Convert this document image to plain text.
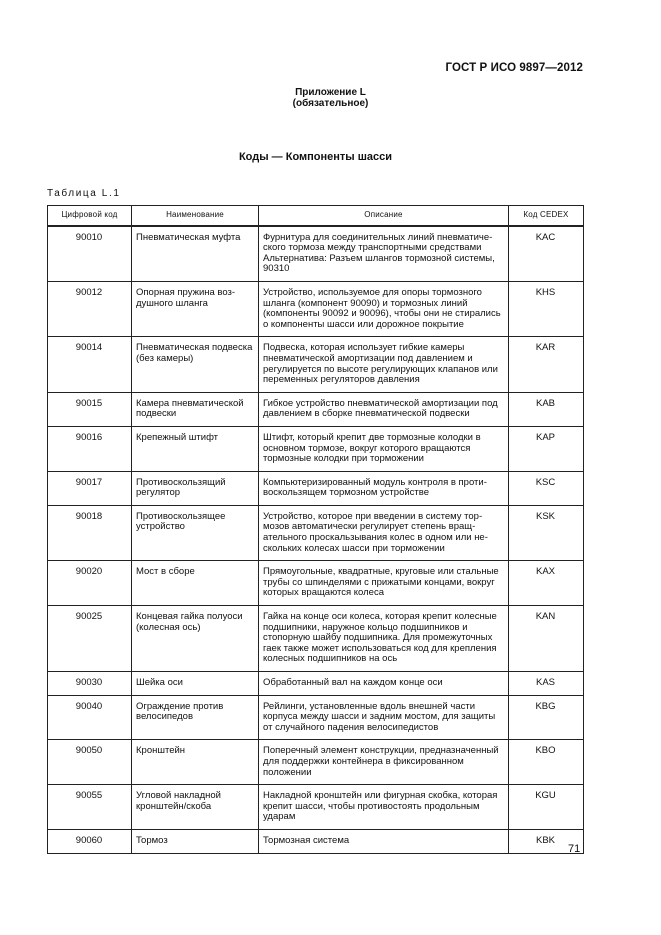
ГОСТ Р ИСО 9897—2012
Приложение L
(обязательное)
Коды — Компоненты шасси
Таблица L.1
Цифровой код	Наименование	Описание	Код CEDEX
90010	Пневматическая муфта	Фурнитура для соединительных линий пневматического тормоза между транспортными средствами Альтернатива: Разъем шлангов тормозной системы, 90310	KAC
90012	Опорная пружина воздушного шланга	Устройство, используемое для опоры тормозного шланга (компонент 90090) и тормозных линий (компоненты 90092 и 90096), чтобы они не стирались о компоненты шасси или дорожное покрытие	KHS
90014	Пневматическая подвеска (без камеры)	Подвеска, которая использует гибкие камеры пневматической амортизации под давлением и регулируется по высоте регулирующих клапанов или переменных регуляторов давления	KAR
90015	Камера пневматической подвески	Гибкое устройство пневматической амортизации под давлением в сборке пневматической подвески	KAB
90016	Крепежный штифт	Штифт, который крепит две тормозные колодки в основном тормозе, вокруг которого вращаются тормозные колодки при торможении	KAP
90017	Противоскользящий регулятор	Компьютеризированный модуль контроля в противоскользящем тормозном устройстве	KSC
90018	Противоскользящее устройство	Устройство, которое при введении в систему тормозов автоматически регулирует степень вращательного проскальзывания колес в одном или нескольких колесах шасси при торможении	KSK
90020	Мост в сборе	Прямоугольные, квадратные, круговые или стальные трубы со шпинделями с прижатыми концами, вокруг которых вращаются колеса	KAX
90025	Концевая гайка полуоси (колесная ось)	Гайка на конце оси колеса, которая крепит колесные подшипники, наружное кольцо подшипников и стопорную шайбу подшипника. Для промежуточных гаек также может использоваться код для крепления колесных подшипников на ось	KAN
90030	Шейка оси	Обработанный вал на каждом конце оси	KAS
90040	Ограждение против велосипедов	Рейлинги, установленные вдоль внешней части корпуса между шасси и задним мостом, для защиты от случайного падения велосипедистов	KBG
90050	Кронштейн	Поперечный элемент конструкции, предназначенный для поддержки контейнера в фиксированном положении	KBO
90055	Угловой накладной кронштейн/скоба	Накладной кронштейн или фигурная скобка, которая крепит шасси, чтобы противостоять продольным ударам	KGU
90060	Тормоз	Тормозная система	KBK
71
